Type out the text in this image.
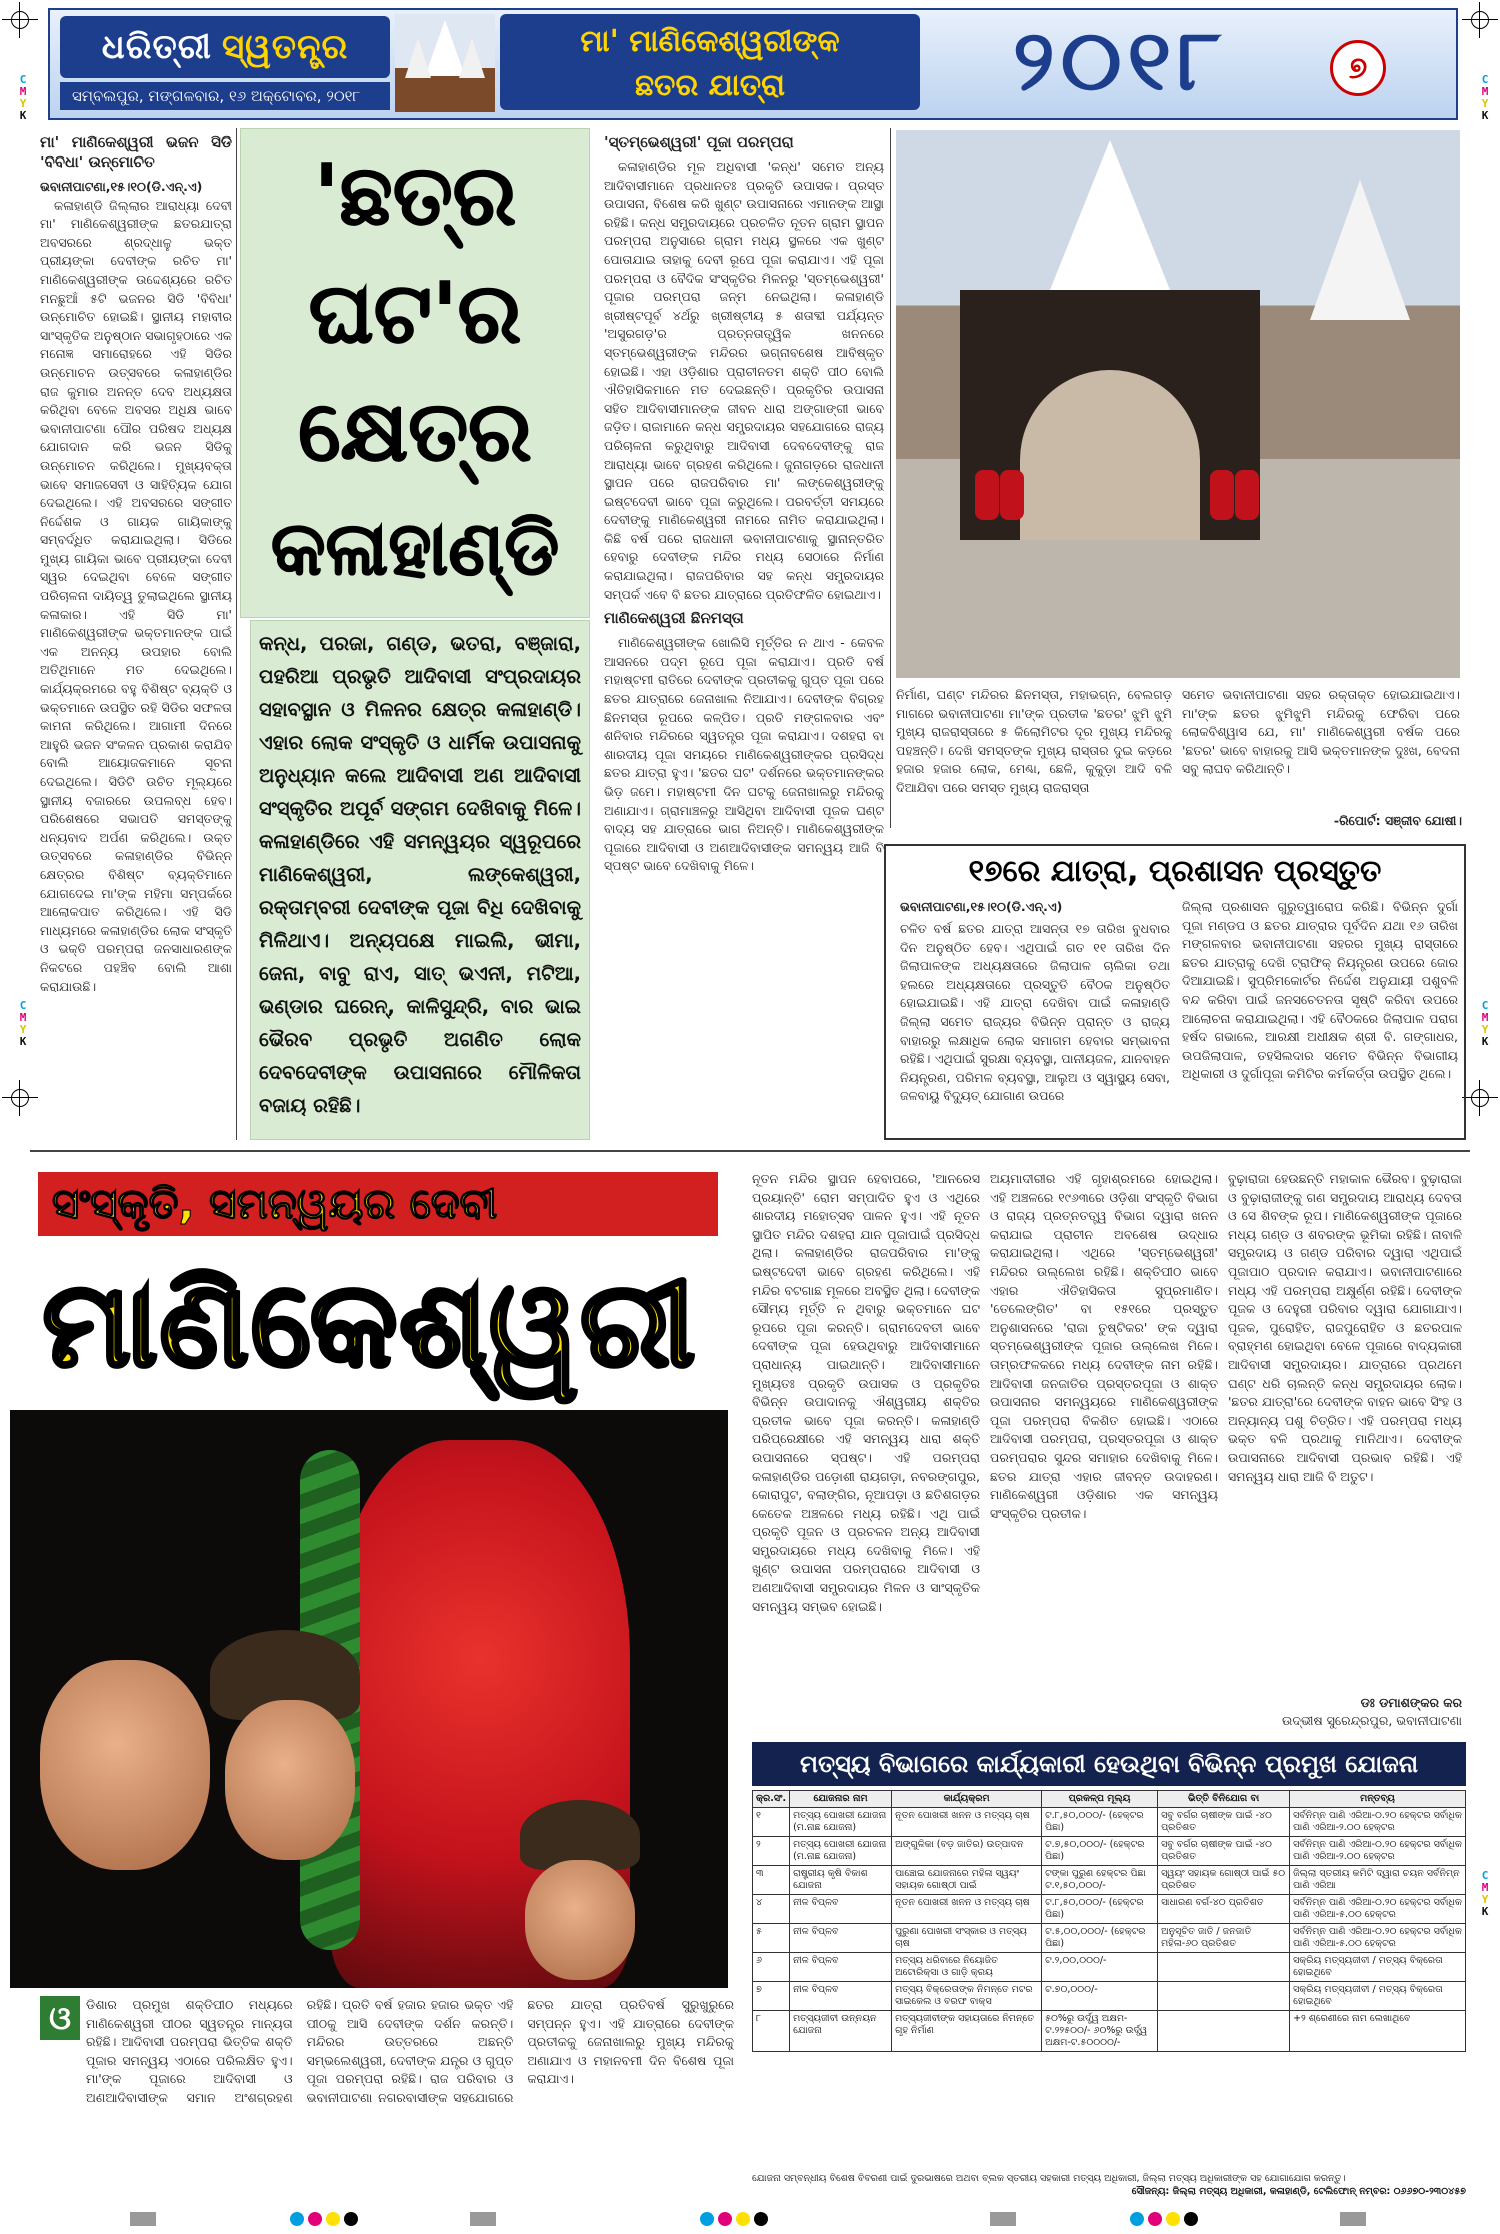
C
M
Y
K
C
M
Y
K
C
M
Y
K
C
M
Y
K
C
M
Y
K
ଧରିତ୍ରୀ ସ୍ୱତନ୍ତ୍ର
ସମ୍ବଲପୁର, ମଙ୍ଗଳବାର, ୧୬ ଅକ୍ଟୋବର, ୨୦୧୮
ମା' ମାଣିକେଶ୍ୱରୀଙ୍କ
ଛତର ଯାତ୍ରା	୨୦୧୮	୭
ମା' ମାଣିକେଶ୍ୱରୀ ଭଜନ ସିଡି 'ବିବିଧା' ଉନ୍ମୋଚିତ
ଭବାନୀପାଟଣା,୧୫।୧୦(ଡି.ଏନ୍.ଏ)

କଳାହାଣ୍ଡି ଜିଲ୍ଲାର ଆରାଧ୍ୟା ଦେବୀ ମା' ମାଣିକେଶ୍ୱରୀଙ୍କ ଛତରଯାତ୍ରା ଅବସରରେ ଶ୍ରଦ୍ଧାଳୁ ଭକ୍ତ ପ୍ରୀୟଙ୍କା ଦେବୀଙ୍କ ରଚିତ ମା' ମାଣିକେଶ୍ୱରୀଙ୍କ ଉଦ୍ଦେଶ୍ୟରେ ରଚିତ ମନଛୁଆଁ ୫ଟି ଭଜନର ସିଡି 'ବିବିଧା' ଉନ୍ମୋଚିତ ହୋଇଛି। ସ୍ଥାନୀୟ ମହାବୀର ସାଂସ୍କୃତିକ ଅନୁଷ୍ଠାନ ସଭାଗୃହଠାରେ ଏକ ମନୋଜ୍ଞ ସମାରୋହରେ ଏହି ସିଡିର ଉନ୍ମୋଚନ ଉତ୍ସବରେ କଳାହାଣ୍ଡିର ରାଜ କୁମାର ଅନନ୍ତ ଦେବ ଅଧ୍ୟକ୍ଷତା କରିଥିବା ବେଳେ ଅବସର ଅଧିକ୍ଷ ଭାବେ ଭବାନୀପାଟଣା ପୌର ପରିଷଦ ଅଧ୍ୟକ୍ଷ ଯୋଗଦାନ କରି ଭଜନ ସିଡିକୁ ଉନ୍ମୋଚନ କରିଥିଲେ। ମୁଖ୍ୟବକ୍ତା ଭାବେ ସମାଜସେବୀ ଓ ସାହିତ୍ୟିକ ଯୋଗ ଦେଇଥିଲେ। ଏହି ଅବସରରେ ସଙ୍ଗୀତ ନିର୍ଦ୍ଦେଶକ ଓ ଗାୟକ ଗାୟିକାଙ୍କୁ ସମ୍ବର୍ଦ୍ଧିତ କରାଯାଇଥିଲା। ସିଡିରେ ମୁଖ୍ୟ ଗାୟିକା ଭାବେ ପ୍ରୀୟଙ୍କା ଦେବୀ ସ୍ୱର ଦେଇଥିବା ବେଳେ ସଙ୍ଗୀତ ପରିଚାଳନା ଦାୟିତ୍ୱ ତୁଲାଇଥିଲେ ସ୍ଥାନୀୟ କଳାକାର। ଏହି ସିଡି ମା' ମାଣିକେଶ୍ୱରୀଙ୍କ ଭକ୍ତମାନଙ୍କ ପାଇଁ ଏକ ଅନନ୍ୟ ଉପହାର ବୋଲି ଅତିଥିମାନେ ମତ ଦେଇଥିଲେ। କାର୍ଯ୍ୟକ୍ରମରେ ବହୁ ବିଶିଷ୍ଟ ବ୍ୟକ୍ତି ଓ ଭକ୍ତମାନେ ଉପସ୍ଥିତ ରହି ସିଡିର ସଫଳତା କାମନା କରିଥିଲେ। ଆଗାମୀ ଦିନରେ ଆହୁରି ଭଜନ ସଂକଳନ ପ୍ରକାଶ କରାଯିବ ବୋଲି ଆୟୋଜକମାନେ ସୂଚନା ଦେଇଥିଲେ। ସିଡିଟି ଉଚିତ ମୂଲ୍ୟରେ ସ୍ଥାନୀୟ ବଜାରରେ ଉପଲବ୍ଧ ହେବ। ପରିଶେଷରେ ସଭାପତି ସମସ୍ତଙ୍କୁ ଧନ୍ୟବାଦ ଅର୍ପଣ କରିଥିଲେ। ଉକ୍ତ ଉତ୍ସବରେ କଳାହାଣ୍ଡିର ବିଭିନ୍ନ କ୍ଷେତ୍ରର ବିଶିଷ୍ଟ ବ୍ୟକ୍ତିମାନେ ଯୋଗଦେଇ ମା'ଙ୍କ ମହିମା ସମ୍ପର୍କରେ ଆଲୋକପାତ କରିଥିଲେ। ଏହି ସିଡି ମାଧ୍ୟମରେ କଳାହାଣ୍ଡିର ଲୋକ ସଂସ୍କୃତି ଓ ଭକ୍ତି ପରମ୍ପରା ଜନସାଧାରଣଙ୍କ ନିକଟରେ ପହଞ୍ଚିବ ବୋଲି ଆଶା କରାଯାଉଛି।

'ଛତ୍‌ର
ଘଟ'ର
କ୍ଷେତ୍ର
କଳାହାଣ୍ଡି
କନ୍ଧ, ପରଜା, ଗଣ୍ଡ, ଭତରା, ବଞ୍ଜାରା, ପହରିଆ ପ୍ରଭୃତି ଆଦିବାସୀ ସଂପ୍ରଦାୟର ସହାବସ୍ଥାନ ଓ ମିଳନର କ୍ଷେତ୍ର କଳାହାଣ୍ଡି। ଏହାର ଲୋକ ସଂସ୍କୃତି ଓ ଧାର୍ମିକ ଉପାସନାକୁ ଅନୁଧ୍ୟାନ କଲେ ଆଦିବାସୀ ଅଣ ଆଦିବାସୀ ସଂସ୍କୃତିର ଅପୂର୍ବ ସଙ୍ଗମ ଦେଖିବାକୁ ମିଳେ। କଳାହାଣ୍ଡିରେ ଏହି ସମନ୍ୱୟର ସ୍ୱରୂପରେ ମାଣିକେଶ୍ୱରୀ, ଲଙ୍କେଶ୍ୱରୀ, ରକ୍ତାମ୍ବରୀ ଦେବୀଙ୍କ ପୂଜା ବିଧି ଦେଖିବାକୁ ମିଳିଥାଏ। ଅନ୍ୟପକ୍ଷେ ମାଇଲି, ଭୀମା, ଜେନା, ବାବୁ ରାଏ, ସାତ୍‌ ଭଏନୀ, ମଟିଆ, ଭଣ୍ଡାର ଘରେନ୍, କାଳିସୁନ୍ଦ୍ରି, ବାର ଭାଇ ଭୈରବ ପ୍ରଭୃତି ଅଗଣିତ ଲୋକ ଦେବଦେବୀଙ୍କ ଉପାସନାରେ ମୌଳିକତା ବଜାୟ ରହିଛି।
'ସ୍ତମ୍ଭେଶ୍ୱରୀ' ପୂଜା ପରମ୍ପରା

କଳାହାଣ୍ଡିର ମୂଳ ଅଧିବାସୀ 'କନ୍ଧ' ସମେତ ଅନ୍ୟ ଆଦିବାସୀମାନେ ପ୍ରଧାନତଃ ପ୍ରକୃତି ଉପାସକ। ପ୍ରସ୍ତ ଉପାସନା, ବିଶେଷ କରି ଖୁଣ୍ଟ ଉପାସନାରେ ଏମାନଙ୍କ ଆସ୍ଥା ରହିଛି। କନ୍ଧ ସମ୍ପ୍ରଦାୟରେ ପ୍ରଚଳିତ ନୂତନ ଗ୍ରାମ ସ୍ଥାପନ ପରମ୍ପରା ଅନୁସାରେ ଗ୍ରାମ ମଧ୍ୟ ସ୍ଥଳରେ ଏକ ଖୁଣ୍ଟ ପୋତାଯାଇ ତାହାକୁ ଦେବୀ ରୂପେ ପୂଜା କରାଯାଏ। ଏହି ପୂଜା ପରମ୍ପରା ଓ ବୈଦିକ ସଂସ୍କୃତିର ମିଳନରୁ 'ସ୍ତମ୍ଭେଶ୍ୱରୀ' ପୂଜାର ପରମ୍ପରା ଜନ୍ମ ନେଇଥିଲା। କଳାହାଣ୍ଡି ଖ୍ରୀଷ୍ଟପୂର୍ବ ୪ର୍ଥରୁ ଖ୍ରୀଷ୍ଟୀୟ ୫ ଶତାବ୍ଦୀ ପର୍ଯ୍ୟନ୍ତ 'ଅସୁରଗଡ଼'ର ପ୍ରତ୍ନତାତ୍ତ୍ୱିକ ଖନନରେ ସ୍ତମ୍ଭେଶ୍ୱରୀଙ୍କ ମନ୍ଦିରର ଭଗ୍ନାବଶେଷ ଆବିଷ୍କୃତ ହୋଇଛି। ଏହା ଓଡ଼ିଶାର ପ୍ରାଚୀନତମ ଶକ୍ତି ପୀଠ ବୋଲି ଐତିହାସିକମାନେ ମତ ଦେଇଛନ୍ତି। ପ୍ରକୃତିର ଉପାସନା ସହିତ ଆଦିବାସୀମାନଙ୍କ ଜୀବନ ଧାରା ଅଙ୍ଗାଙ୍ଗୀ ଭାବେ ଜଡ଼ିତ। ରାଜାମାନେ କନ୍ଧ ସମ୍ପ୍ରଦାୟର ସହଯୋଗରେ ରାଜ୍ୟ ପରିଚାଳନା କରୁଥିବାରୁ ଆଦିବାସୀ ଦେବଦେବୀଙ୍କୁ ରାଜ ଆରାଧ୍ୟା ଭାବେ ଗ୍ରହଣ କରିଥିଲେ। ଜୁନାଗଡ଼ରେ ରାଜଧାନୀ ସ୍ଥାପନ ପରେ ରାଜପରିବାର ମା' ଲଙ୍କେଶ୍ୱରୀଙ୍କୁ ଇଷ୍ଟଦେବୀ ଭାବେ ପୂଜା କରୁଥିଲେ। ପରବର୍ତ୍ତୀ ସମୟରେ ଦେବୀଙ୍କୁ ମାଣିକେଶ୍ୱରୀ ନାମରେ ନାମିତ କରାଯାଇଥିଲା। କିଛି ବର୍ଷ ପରେ ରାଜଧାନୀ ଭବାନୀପାଟଣାକୁ ସ୍ଥାନାନ୍ତରିତ ହେବାରୁ ଦେବୀଙ୍କ ମନ୍ଦିର ମଧ୍ୟ ସେଠାରେ ନିର୍ମାଣ କରାଯାଇଥିଲା। ରାଜପରିବାର ସହ କନ୍ଧ ସମ୍ପ୍ରଦାୟର ସମ୍ପର୍କ ଏବେ ବି ଛତର ଯାତ୍ରାରେ ପ୍ରତିଫଳିତ ହୋଇଥାଏ।

ମାଣିକେଶ୍ୱରୀ ଛିନମସ୍ତା

ମାଣିକେଶ୍ୱରୀଙ୍କ ଖୋଲିସି ମୂର୍ତ୍ତିର ନ ଥାଏ - କେବଳ ଆସନରେ ପଦ୍ମ ରୂପେ ପୂଜା କରାଯାଏ। ପ୍ରତି ବର୍ଷ ମହାଷ୍ଟମୀ ରାତିରେ ଦେବୀଙ୍କ ପ୍ରତୀକକୁ ଗୁପ୍ତ ପୂଜା ପରେ ଛତର ଯାତ୍ରାରେ ଜେନାଖାଲ ନିଆଯାଏ। ଦେବୀଙ୍କ ବିଗ୍ରହ ଛିନମସ୍ତା ରୂପରେ କଳ୍ପିତ। ପ୍ରତି ମଙ୍ଗଳବାର ଏବଂ ଶନିବାର ମନ୍ଦିରରେ ସ୍ୱତନ୍ତ୍ର ପୂଜା କରାଯାଏ। ଦଶହରା ବା ଶାରଦୀୟ ପୂଜା ସମୟରେ ମାଣିକେଶ୍ୱରୀଙ୍କର ପ୍ରସିଦ୍ଧ ଛତର ଯାତ୍ରା ହୁଏ। 'ଛତର ଘଟ' ଦର୍ଶନରେ ଭକ୍ତମାନଙ୍କର ଭିଡ଼ ଜମେ। ମହାଷ୍ଟମୀ ଦିନ ଘଟକୁ ଜେନାଖାଲରୁ ମନ୍ଦିରକୁ ଅଣାଯାଏ। ଗ୍ରାମାଞ୍ଚଳରୁ ଆସିଥିବା ଆଦିବାସୀ ପୂଜକ ଘଣ୍ଟ ବାଦ୍ୟ ସହ ଯାତ୍ରାରେ ଭାଗ ନିଅନ୍ତି। ମାଣିକେଶ୍ୱରୀଙ୍କ ପୂଜାରେ ଆଦିବାସୀ ଓ ଅଣଆଦିବାସୀଙ୍କ ସମନ୍ୱୟ ଆଜି ବି ସ୍ପଷ୍ଟ ଭାବେ ଦେଖିବାକୁ ମିଳେ।

ନିର୍ମାଣ, ଘଣ୍ଟ ମନ୍ଦିରର ଛିନମସ୍ତା, ମହାଭଗ୍ନ, ବେଲଗଡ଼ ମାଗରେ ଭବାନୀପାଟଣା ମା'ଙ୍କ ପ୍ରତୀକ 'ଛତର' ଝୁମି ଝୁମି ମୁଖ୍ୟ ରାଜରାସ୍ତାରେ ୫ କିଲୋମିଟର ଦୂର ମୁଖ୍ୟ ମନ୍ଦିରକୁ ପହଞ୍ଚନ୍ତି। ଦେଖି ସମସ୍ତଙ୍କ ମୁଖ୍ୟ ରାସ୍ତାର ଦୁଇ କଡ଼ରେ ହଜାର ହଜାର ଲୋକ, ମେଣ୍ଢା, ଛେଳି, କୁକୁଡ଼ା ଆଦି ବଳି ଦିଆଯିବା ପରେ ସମସ୍ତ ମୁଖ୍ୟ ରାଜରାସ୍ତା
ସମେତ ଭବାନୀପାଟଣା ସହର ରକ୍ତାକ୍ତ ହୋଇଯାଇଥାଏ। ମା'ଙ୍କ ଛତର ଝୁମିଝୁମି ମନ୍ଦିରକୁ ଫେରିବା ପରେ ଲୋକବିଶ୍ୱାସ ଯେ, ମା' ମାଣିକେଶ୍ୱରୀ ବର୍ଷକ ପରେ 'ଛତର' ଭାବେ ବାହାରକୁ ଆସି ଭକ୍ତମାନଙ୍କ ଦୁଃଖ, ବେଦନା ସବୁ ଲାଘବ କରିଥାନ୍ତି।
-ରିପୋର୍ଟ: ସଞ୍ଜୀବ ଯୋଷୀ।
୧୭ରେ ଯାତ୍ରା, ପ୍ରଶାସନ ପ୍ରସ୍ତୁତ
ଭବାନୀପାଟଣା,୧୫।୧୦(ଡି.ଏନ୍.ଏ)
ଚଳିତ ବର୍ଷ ଛତର ଯାତ୍ରା ଆସନ୍ତା ୧୭ ତାରିଖ ବୁଧବାର ଦିନ ଅନୁଷ୍ଠିତ ହେବ। ଏଥିପାଇଁ ଗତ ୧୧ ତାରିଖ ଦିନ ଜିଲାପାଳଙ୍କ ଅଧ୍ୟକ୍ଷତାରେ ଜିଲାପାଳ ଚାଲିକା ତଥା ହଲରେ ଅଧ୍ୟକ୍ଷତାରେ ପ୍ରସ୍ତୁତି ବୈଠକ ଅନୁଷ୍ଠିତ ହୋଇଯାଇଛି। ଏହି ଯାତ୍ରା ଦେଖିବା ପାଇଁ କଳାହାଣ୍ଡି ଜିଲ୍ଲା ସମେତ ରାଜ୍ୟର ବିଭିନ୍ନ ପ୍ରାନ୍ତ ଓ ରାଜ୍ୟ ବାହାରରୁ ଲକ୍ଷାଧିକ ଲୋକ ସମାଗମ ହେବାର ସମ୍ଭାବନା ରହିଛି। ଏଥିପାଇଁ ସୁରକ୍ଷା ବ୍ୟବସ୍ଥା, ପାନୀୟଜଳ, ଯାନବାହନ ନିୟନ୍ତ୍ରଣ, ପରିମଳ ବ୍ୟବସ୍ଥା, ଆଲୁଅ ଓ ସ୍ୱାସ୍ଥ୍ୟ ସେବା, ଜଳବାୟୁ ବିଦ୍ୟୁତ୍‌ ଯୋଗାଣ ଉପରେ
ଜିଲ୍ଲା ପ୍ରଶାସନ ଗୁରୁତ୍ୱାରୋପ କରିଛି। ବିଭିନ୍ନ ଦୁର୍ଗା ପୂଜା ମଣ୍ଡପ ଓ ଛତର ଯାତ୍ରାର ପୂର୍ବଦିନ ଯଥା ୧୬ ତାରିଖ ମଙ୍ଗଳବାର ଭବାନୀପାଟଣା ସହରର ମୁଖ୍ୟ ରାସ୍ତାରେ ଛତର ଯାତ୍ରାକୁ ଦେଖି ଟ୍ରାଫିକ୍‌ ନିୟନ୍ତ୍ରଣ ଉପରେ ଜୋର ଦିଆଯାଇଛି। ସୁପ୍ରିମକୋର୍ଟର ନିର୍ଦ୍ଦେଶ ଅନୁଯାୟୀ ପଶୁବଳି ବନ୍ଦ କରିବା ପାଇଁ ଜନସଚେତନତା ସୃଷ୍ଟି କରିବା ଉପରେ ଆଲୋଚନା କରାଯାଇଥିଲା। ଏହି ବୈଠକରେ ଜିଲାପାଳ ପରାଗ ହର୍ଷଦ ଗଭାଲେ, ଆରକ୍ଷୀ ଅଧୀକ୍ଷକ ଶ୍ରୀ ବି. ଗଙ୍ଗାଧର, ଉପଜିଲାପାଳ, ତହସିଲଦାର ସମେତ ବିଭିନ୍ନ ବିଭାଗୀୟ ଅଧିକାରୀ ଓ ଦୁର୍ଗାପୂଜା କମିଟିର କର୍ମକର୍ତ୍ତା ଉପସ୍ଥିତ ଥିଲେ।
ସଂସ୍କୃତି, ସମନ୍ୱୟର ଦେବୀ
ମାଣିକେଶ୍ୱରୀ
ନୂତନ ମନ୍ଦିର ସ୍ଥାପନ ହେବାପରେ, 'ଆନରେସ ପ୍ରୟାନ୍ତି' ରୋମ ସମ୍ପାଦିତ ହୁଏ ଓ ଏଥିରେ ଶାରଦୀୟ ମହୋତ୍ସବ ପାଳନ ହୁଏ। ଏହି ନୂତନ ସ୍ଥାପିତ ମନ୍ଦିର ଦଶହରା ଯାନ ପୂଜାପାଇଁ ପ୍ରସିଦ୍ଧ ଥିଲା। କଳାହାଣ୍ଡିର ରାଜପରିବାର ମା'ଙ୍କୁ ଇଷ୍ଟଦେବୀ ଭାବେ ଗ୍ରହଣ କରିଥିଲେ। ଏହି ମନ୍ଦିର ବଟଗାଛ ମୂଳରେ ଅବସ୍ଥିତ ଥିଲା। ଦେବୀଙ୍କ ସୌମ୍ୟ ମୂର୍ତ୍ତି ନ ଥିବାରୁ ଭକ୍ତମାନେ ଘଟ ରୂପରେ ପୂଜା କରନ୍ତି। ଗ୍ରାମଦେବତୀ ଭାବେ ଦେବୀଙ୍କ ପୂଜା ହେଉଥିବାରୁ ଆଦିବାସୀମାନେ ପ୍ରାଧାନ୍ୟ ପାଇଥାନ୍ତି। ଆଦିବାସୀମାନେ ମୁଖ୍ୟତଃ ପ୍ରକୃତି ଉପାସକ ଓ ପ୍ରକୃତିର ବିଭିନ୍ନ ଉପାଦାନକୁ ଐଶ୍ୱରୀୟ ଶକ୍ତିର ପ୍ରତୀକ ଭାବେ ପୂଜା କରନ୍ତି। କଳାହାଣ୍ଡି ପରିପ୍ରେକ୍ଷୀରେ ଏହି ସମନ୍ୱୟ ଧାରା ଶକ୍ତି ଉପାସନାରେ ସ୍ପଷ୍ଟ। ଏହି ପରମ୍ପରା କଳାହାଣ୍ଡିର ପଡ଼ୋଶୀ ରାୟଗଡ଼ା, ନବରଙ୍ଗପୁର, କୋରାପୁଟ, ବଲାଙ୍ଗିର, ନୂଆପଡ଼ା ଓ ଛତିଶଗଡ଼ର କେତେକ ଅଞ୍ଚଳରେ ମଧ୍ୟ ରହିଛି। ଏଥି ପାଇଁ ପ୍ରକୃତି ପୂଜନ ଓ ପ୍ରଚଳନ ଅନ୍ୟ ଆଦିବାସୀ ସମ୍ପ୍ରଦାୟରେ ମଧ୍ୟ ଦେଖିବାକୁ ମିଳେ। ଏହି ଖୁଣ୍ଟ ଉପାସନା ପରମ୍ପରାରେ ଆଦିବାସୀ ଓ ଅଣଆଦିବାସୀ ସମ୍ପ୍ରଦାୟର ମିଳନ ଓ ସାଂସ୍କୃତିକ ସମନ୍ୱୟ ସମ୍ଭବ ହୋଇଛି।
ଅୟମାଦୀରୀର ଏହି ଗୃହାଶ୍ରମରେ ହୋଇଥିଲା। ଏହି ଅଞ୍ଚଳରେ ୧୯୬୩ରେ ଓଡ଼ିଶା ସଂସ୍କୃତି ବିଭାଗ ଓ ରାଜ୍ୟ ପ୍ରତ୍ନତତ୍ତ୍ୱ ବିଭାଗ ଦ୍ୱାରା ଖନନ କରାଯାଇ ପ୍ରାଚୀନ ଅବଶେଷ ଉଦ୍ଧାର କରାଯାଇଥିଲା। ଏଥିରେ 'ସ୍ତମ୍ଭେଶ୍ୱରୀ' ମନ୍ଦିରର ଉଲ୍ଲେଖ ରହିଛି। ଶକ୍ତିପୀଠ ଭାବେ ଏହାର ଐତିହାସିକତା ସୁପ୍ରମାଣିତ। 'ତେଲେଙ୍ଗିତ' ବା ୧୫୧ରେ ପ୍ରସ୍ତୁତ ଅନୁଶାସନରେ 'ରାଜା ତୁଷ୍ଟିକର' ଙ୍କ ଦ୍ୱାରା ସ୍ତମ୍ଭେଶ୍ୱରୀଙ୍କ ପୂଜାର ଉଲ୍ଲେଖ ମିଳେ। ତାମ୍ରଫଳକରେ ମଧ୍ୟ ଦେବୀଙ୍କ ନାମ ରହିଛି। ଆଦିବାସୀ ଜନଜାତିର ପ୍ରସ୍ତରପୂଜା ଓ ଶାକ୍ତ ଉପାସନାର ସମନ୍ୱୟରେ ମାଣିକେଶ୍ୱରୀଙ୍କ ପୂଜା ପରମ୍ପରା ବିକଶିତ ହୋଇଛି। ଏଠାରେ ଆଦିବାସୀ ପରମ୍ପରା, ପ୍ରସ୍ତରପୂଜା ଓ ଶାକ୍ତ ପରମ୍ପରାର ସୁନ୍ଦର ସମାହାର ଦେଖିବାକୁ ମିଳେ। ଛତର ଯାତ୍ରା ଏହାର ଜୀବନ୍ତ ଉଦାହରଣ। ମାଣିକେଶ୍ୱରୀ ଓଡ଼ିଶାର ଏକ ସମନ୍ୱୟ ସଂସ୍କୃତିର ପ୍ରତୀକ।
ବୁଢ଼ାରାଜା ହେଉଛନ୍ତି ମହାକାଳ ଭୈରବ। ବୁଢ଼ାରାଜା ଓ ବୁଢ଼ାରାଜୀଙ୍କୁ ଗଣ ସମ୍ପ୍ରଦାୟ ଆରାଧ୍ୟ ଦେବତା ଓ ସେ ଶିବଙ୍କ ରୂପ। ମାଣିକେଶ୍ୱରୀଙ୍କ ପୂଜାରେ ମଧ୍ୟ ଗଣ୍ଡ ଓ ଶବରଙ୍କ ଭୂମିକା ରହିଛି। ନାବାଳି ସମ୍ପ୍ରଦାୟ ଓ ଗଣ୍ଡ ପରିବାର ଦ୍ୱାରା ଏଥିପାଇଁ ପୂଜାପାଠ ପ୍ରଦାନ କରାଯାଏ। ଭବାନୀପାଟଣାରେ ମଧ୍ୟ ଏହି ପରମ୍ପରା ଅକ୍ଷୁର୍ଣ୍ଣ ରହିଛି। ଦେବୀଙ୍କ ପୂଜକ ଓ ଦେହୁରୀ ପରିବାର ଦ୍ୱାରା ଯୋଗାଯାଏ। ପୂଜକ, ପୁରୋହିତ, ରାଜପୁରୋହିତ ଓ ଛତରପାଳ ବ୍ରାହ୍ମଣ ହୋଇଥିବା ବେଳେ ପୂଜାରେ ବାଦ୍ୟକାରୀ ଆଦିବାସୀ ସମ୍ପ୍ରଦାୟର। ଯାତ୍ରାରେ ପ୍ରଥମେ ଘଣ୍ଟ ଧରି ଚାଲନ୍ତି କନ୍ଧ ସମ୍ପ୍ରଦାୟର ଲୋକ। 'ଛତର ଯାତ୍ରା'ରେ ଦେବୀଙ୍କ ବାହନ ଭାବେ ସିଂହ ଓ ଅନ୍ୟାନ୍ୟ ପଶୁ ଚିତ୍ରିତ। ଏହି ପରମ୍ପରା ମଧ୍ୟ ଭକ୍ତ ବଳି ପ୍ରଥାକୁ ମାନିଥାଏ। ଦେବୀଙ୍କ ଉପାସନାରେ ଆଦିବାସୀ ପ୍ରଭାବ ରହିଛି। ଏହି ସମନ୍ୱୟ ଧାରା ଆଜି ବି ଅତୁଟ।
ଡଃ ଡମାଶଙ୍କର କର
ଉଦ୍ଭୀଷ ସୁରେନ୍ଦ୍ରପୁର, ଭବାନୀପାଟଣା
ଓ	ଡିଶାର ପ୍ରମୁଖ ଶକ୍ତିପୀଠ ମଧ୍ୟରେ ମାଣିକେଶ୍ୱରୀ ପୀଠର ସ୍ୱତନ୍ତ୍ର ମାନ୍ୟତା ରହିଛି। ଆଦିବାସୀ ପରମ୍ପରା ଭିତ୍ତିକ ଶକ୍ତି ପୂଜାର ସମନ୍ୱୟ ଏଠାରେ ପରିଲକ୍ଷିତ ହୁଏ। ମା'ଙ୍କ ପୂଜାରେ ଆଦିବାସୀ ଓ ଅଣଆଦିବାସୀଙ୍କ ସମାନ ଅଂଶଗ୍ରହଣ ରହିଛି। ପ୍ରତି ବର୍ଷ ହଜାର ହଜାର ଭକ୍ତ ଏହି ପୀଠକୁ ଆସି ଦେବୀଙ୍କ ଦର୍ଶନ କରନ୍ତି। ମନ୍ଦିରର ଉତ୍ତରରେ ଅଛନ୍ତି ସମ୍ଭଲେଶ୍ୱରୀ, ଦେବୀଙ୍କ ଯନ୍ତ୍ର ଓ ଗୁପ୍ତ ପୂଜା ପରମ୍ପରା ରହିଛି। ରାଜ ପରିବାର ଓ ଭବାନୀପାଟଣା ନଗରବାସୀଙ୍କ ସହଯୋଗରେ ଛତର ଯାତ୍ରା ପ୍ରତିବର୍ଷ ସୁରୁଖୁରୁରେ ସମ୍ପନ୍ନ ହୁଏ। ଏହି ଯାତ୍ରାରେ ଦେବୀଙ୍କ ପ୍ରତୀକକୁ ଜେନାଖାଲରୁ ମୁଖ୍ୟ ମନ୍ଦିରକୁ ଅଣାଯାଏ ଓ ମହାନବମୀ ଦିନ ବିଶେଷ ପୂଜା କରାଯାଏ।
ମତ୍ସ୍ୟ ବିଭାଗରେ କାର୍ଯ୍ୟକାରୀ ହେଉଥିବା ବିଭିନ୍ନ ପ୍ରମୁଖ ଯୋଜନା
କ୍ର.ସଂ.	ଯୋଜନାର ନାମ	କାର୍ଯ୍ୟକ୍ରମ	ପ୍ରକଳ୍ପ ମୂଲ୍ୟ	ଭିତ୍ତି ବିନିଯୋଗ ବା	ମନ୍ତବ୍ୟ
୧	ମତ୍ସ୍ୟ ପୋଖରୀ ଯୋଜନା (ମ.ନାଛ ଯୋଜନା)	ନୂତନ ପୋଖରୀ ଖନନ ଓ ମତ୍ସ୍ୟ ଚାଷ	ଟ.୮,୫୦,୦୦୦/- (ହେକ୍ଟର ପିଛା)	ସବୁ ବର୍ଗର ଚାଷୀଙ୍କ ପାଇଁ -୪୦ ପ୍ରତିଶତ	ସର୍ବନିମ୍ନ ପାଣି ଏରିଆ-୦.୨୦ ହେକ୍ଟର ସର୍ବାଧିକ ପାଣି ଏରିଆ-୨.୦୦ ହେକ୍ଟର
୨	ମତ୍ସ୍ୟ ପୋଖରୀ ଯୋଜନା (ମ.ନାଛ ଯୋଜନା)	ଅଙ୍ଗୁଳିକା (ବଡ଼ ଜାତିର) ଉତ୍ପାଦନ	ଟ.୭,୫୦,୦୦୦/- (ହେକ୍ଟର ପିଛା)	ସବୁ ବର୍ଗର ଚାଷୀଙ୍କ ପାଇଁ -୪୦ ପ୍ରତିଶତ	ସର୍ବନିମ୍ନ ପାଣି ଏରିଆ-୦.୨୦ ହେକ୍ଟର ସର୍ବାଧିକ ପାଣି ଏରିଆ-୨.୦୦ ହେକ୍ଟର
୩	ରାଷ୍ଟ୍ରୀୟ କୃଷି ବିକାଶ ଯୋଜନା	ପାଞ୍ଚୋଇ ଯୋଜନାରେ ମହିଳା ସ୍ୱୟଂ ସହାୟକ ଗୋଷ୍ଠୀ ପାଇଁ	ଟଙ୍କା ପୁରୁଣ ହେକ୍ଟର ପିଛା ଟ.୧,୫୦,୦୦୦/-	ସ୍ୱୟଂ ସହାୟକ ଗୋଷ୍ଠୀ ପାଇଁ ୫୦ ପ୍ରତିଶତ	ଜିଲ୍ଲା ସ୍ତରୀୟ କମିଟି ଦ୍ୱାରା ଚୟନ ସର୍ବନିମ୍ନ ପାଣି ଏରିଆ
୪	ନୀଳ ବିପ୍ଳବ	ନୂତନ ପୋଖରୀ ଖନନ ଓ ମତ୍ସ୍ୟ ଚାଷ	ଟ.୮,୫୦,୦୦୦/- (ହେକ୍ଟର ପିଛା)	ସାଧାରଣ ବର୍ଗ-୪୦ ପ୍ରତିଶତ	ସର୍ବନିମ୍ନ ପାଣି ଏରିଆ-୦.୨୦ ହେକ୍ଟର ସର୍ବାଧିକ ପାଣି ଏରିଆ-୫.୦୦ ହେକ୍ଟର
୫	ନୀଳ ବିପ୍ଳବ	ପୁରୁଣା ପୋଖରୀ ସଂସ୍କାର ଓ ମତ୍ସ୍ୟ ଚାଷ	ଟ.୫,୦୦,୦୦୦/- (ହେକ୍ଟର ପିଛା)	ଅନୁସୂଚିତ ଜାତି / ଜନଜାତି ମହିଳା-୬୦ ପ୍ରତିଶତ	ସର୍ବନିମ୍ନ ପାଣି ଏରିଆ-୦.୨୦ ହେକ୍ଟର ସର୍ବାଧିକ ପାଣି ଏରିଆ-୫.୦୦ ହେକ୍ଟର
୬	ନୀଳ ବିପ୍ଳବ	ମତ୍ସ୍ୟ ଧରିବାରେ ନିୟୋଜିତ ଅଟୋରିକ୍ସା ଓ ଗାଡ଼ି କ୍ରୟ	ଟ.୨,୦୦,୦୦୦/-		ସକ୍ରିୟ ମତ୍ସ୍ୟଜୀବୀ / ମତ୍ସ୍ୟ ବିକ୍ରେତା ହୋଇଥିବେ
୭	ନୀଳ ବିପ୍ଳବ	ମତ୍ସ୍ୟ ବିକ୍ରେତାଙ୍କ ନିମନ୍ତେ ମଟର ସାଇକେଲ ଓ ବରଫ ବାକ୍ସ	ଟ.୭୦,୦୦୦/-		ସକ୍ରିୟ ମତ୍ସ୍ୟଜୀବୀ / ମତ୍ସ୍ୟ ବିକ୍ରେତା ହୋଇଥିବେ
୮	ମତ୍ସ୍ୟଜୀବୀ ଉନ୍ନୟନ ଯୋଜନା	ମତ୍ସ୍ୟଜୀବୀଙ୍କ ସହାୟତାରେ ନିମନ୍ତେ ଗୃହ ନିର୍ମାଣ	୫୦%ରୁ ଉର୍ଦ୍ଧ୍ୱ ଅକ୍ଷମ-ଟ.୨୨୫୦୦/- ୬୦%ରୁ ଉର୍ଦ୍ଧ୍ୱ ଅକ୍ଷମ-ଟ.୫୦୦୦୦/-		+୨ ଶ୍ରେଣୀରେ ନାମ ଲେଖାଥିବେ
ଯୋଜନା ସମ୍ବନ୍ଧୀୟ ବିଶେଷ ବିବରଣୀ ପାଇଁ ଦୁରଭାଷରେ ଅଥବା ବ୍ଲକ ସ୍ତରୀୟ ସହକାରୀ ମତ୍ସ୍ୟ ଅଧିକାରୀ, ଜିଲ୍ଲା ମତ୍ସ୍ୟ ଅଧିକାରୀଙ୍କ ସହ ଯୋଗାଯୋଗ କରନ୍ତୁ।
ସୌଜନ୍ୟ: ଜିଲ୍ଲା ମତ୍ସ୍ୟ ଅଧିକାରୀ, କଳାହାଣ୍ଡି, ଟେଲିଫୋନ୍ ନମ୍ବର: ୦୬୬୭୦-୨୩୦୪୫୭
